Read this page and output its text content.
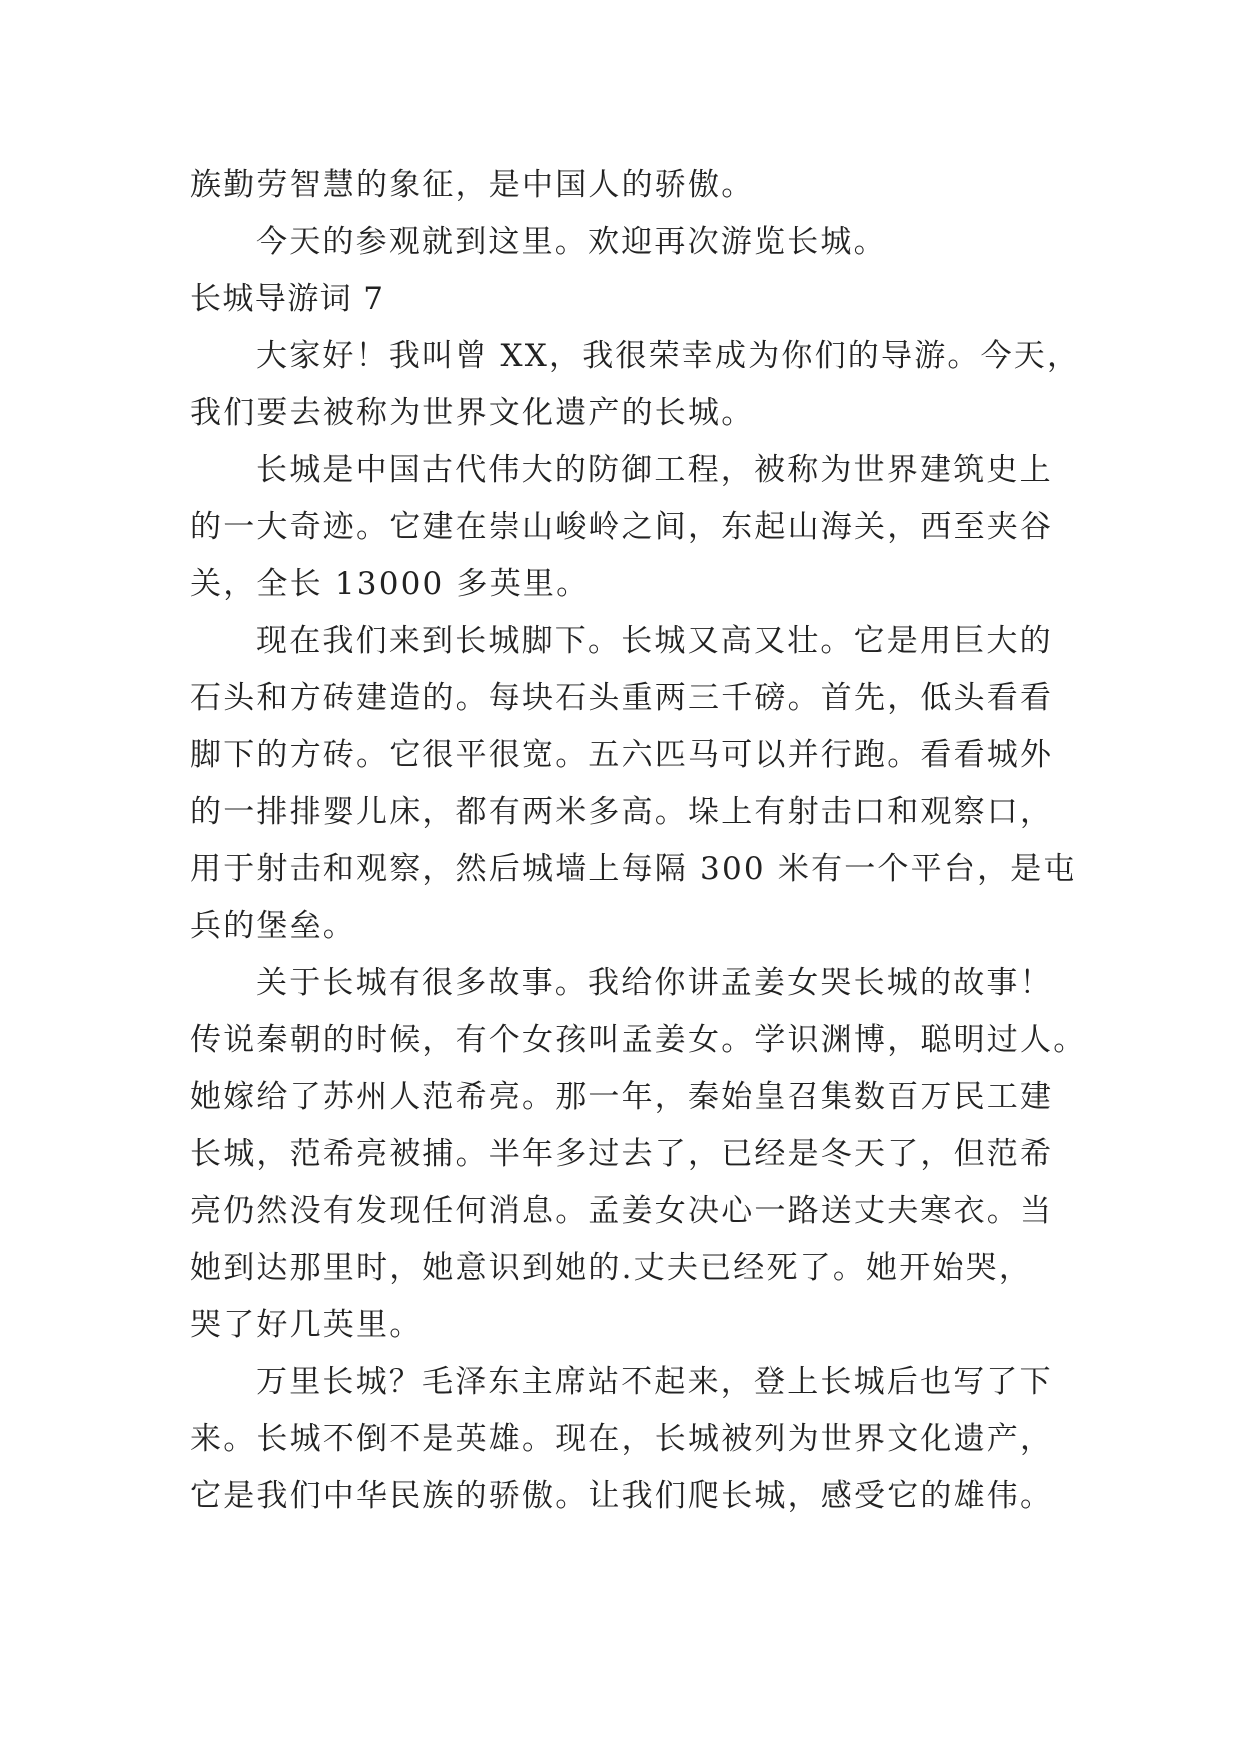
族勤劳智慧的象征，是中国人的骄傲。
今天的参观就到这里。欢迎再次游览长城。
长城导游词 7
大家好！我叫曾 XX，我很荣幸成为你们的导游。今天，
我们要去被称为世界文化遗产的长城。
长城是中国古代伟大的防御工程，被称为世界建筑史上
的一大奇迹。它建在崇山峻岭之间，东起山海关，西至夹谷
关，全长 13000 多英里。
现在我们来到长城脚下。长城又高又壮。它是用巨大的
石头和方砖建造的。每块石头重两三千磅。首先，低头看看
脚下的方砖。它很平很宽。五六匹马可以并行跑。看看城外
的一排排婴儿床，都有两米多高。垛上有射击口和观察口，
用于射击和观察，然后城墙上每隔 300 米有一个平台，是屯
兵的堡垒。
关于长城有很多故事。我给你讲孟姜女哭长城的故事！
传说秦朝的时候，有个女孩叫孟姜女。学识渊博，聪明过人。
她嫁给了苏州人范希亮。那一年，秦始皇召集数百万民工建
长城，范希亮被捕。半年多过去了，已经是冬天了，但范希
亮仍然没有发现任何消息。孟姜女决心一路送丈夫寒衣。当
她到达那里时，她意识到她的.丈夫已经死了。她开始哭，
哭了好几英里。
万里长城？毛泽东主席站不起来，登上长城后也写了下
来。长城不倒不是英雄。现在，长城被列为世界文化遗产，
它是我们中华民族的骄傲。让我们爬长城，感受它的雄伟。
